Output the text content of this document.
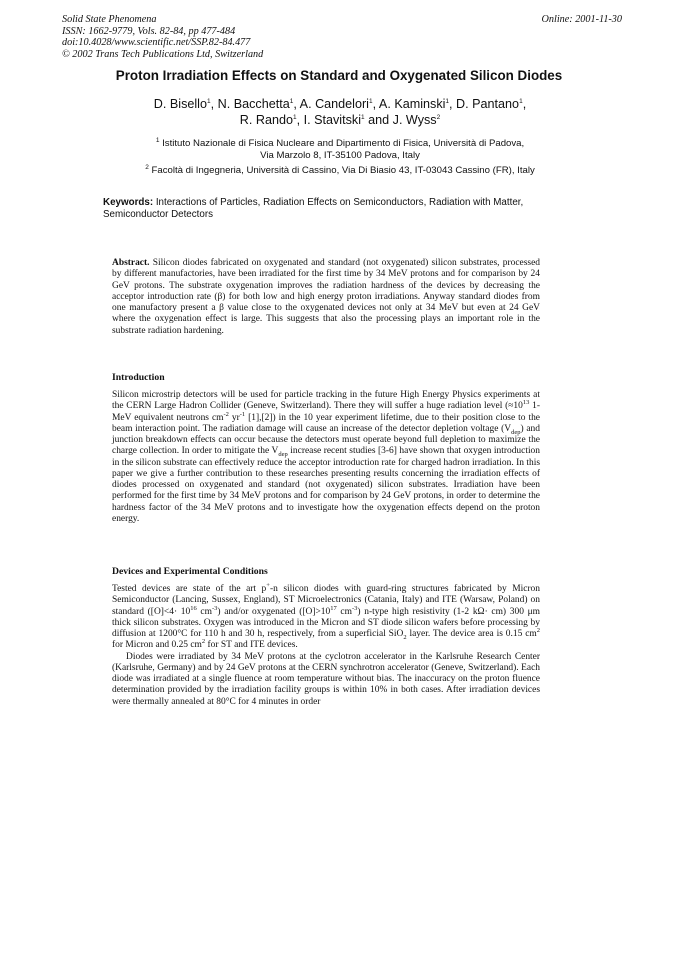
Solid State Phenomena
ISSN: 1662-9779, Vols. 82-84, pp 477-484
doi:10.4028/www.scientific.net/SSP.82-84.477
© 2002 Trans Tech Publications Ltd, Switzerland
Online: 2001-11-30
Proton Irradiation Effects on Standard and Oxygenated Silicon Diodes
D. Bisello$^1$, N. Bacchetta$^1$, A. Candelori$^1$, A. Kaminski$^1$, D. Pantano$^1$,
R. Rando$^1$, I. Stavitski$^1$ and J. Wyss$^2$
$^1$ Istituto Nazionale di Fisica Nucleare and Dipartimento di Fisica, Università di Padova,
Via Marzolo 8, IT-35100 Padova, Italy
$^2$ Facoltà di Ingegneria, Università di Cassino, Via Di Biasio 43, IT-03043 Cassino (FR), Italy
Keywords: Interactions of Particles, Radiation Effects on Semiconductors, Radiation with Matter, Semiconductor Detectors

Abstract. Silicon diodes fabricated on oxygenated and standard (not oxygenated) silicon substrates, processed by different manufactories, have been irradiated for the first time by 34 MeV protons and for comparison by 24 GeV protons. The substrate oxygenation improves the radiation hardness of the devices by decreasing the acceptor introduction rate (β) for both low and high energy proton irradiations. Anyway standard diodes from one manufactory present a β value close to the oxygenated devices not only at 34 MeV but even at 24 GeV where the oxygenation effect is large. This suggests that also the processing plays an important role in the substrate radiation hardening.

Introduction

Silicon microstrip detectors will be used for particle tracking in the future High Energy Physics experiments at the CERN Large Hadron Collider (Geneve, Switzerland). There they will suffer a huge radiation level ($\approx 10^{13}$ 1-MeV equivalent neutrons $cm^{-2}$ $yr^{-1}$ [1],[2]) in the 10 year experiment lifetime, due to their position close to the beam interaction point. The radiation damage will cause an increase of the detector depletion voltage $(V_{dep})$ and junction breakdown effects can occur because the detectors must operate beyond full depletion to maximize the charge collection. In order to mitigate the $V_{dep}$ increase recent studies [3-6] have shown that oxygen introduction in the silicon substrate can effectively reduce the acceptor introduction rate for charged hadron irradiation. In this paper we give a further contribution to these researches presenting results concerning the irradiation effects of diodes processed on oxygenated and standard (not oxygenated) silicon substrates. Irradiation have been performed for the first time by 34 MeV protons and for comparison by 24 GeV protons, in order to determine the hardness factor of the 34 MeV protons and to investigate how the oxygenation effects depend on the proton energy.

Devices and Experimental Conditions

Tested devices are state of the art p+-n silicon diodes with guard-ring structures fabricated by Micron Semiconductor (Lancing, Sussex, England), ST Microelectronics (Catania, Italy) and ITE (Warsaw, Poland) on standard ($[O]<4\cdot 10^{16}$ $cm^{-3}$) and/or oxygenated ($[O]>10^{17}$ $cm^{-3}$) n-type high resistivity (1-2 kΩ· cm) 300 μm thick silicon substrates. Oxygen was introduced in the Micron and ST diode silicon wafers before processing by diffusion at 1200°C for 110 h and 30 h, respectively, from a superficial SiO$_2$ layer. The device area is 0.15 $cm^2$ for Micron and 0.25 $cm^2$ for ST and ITE devices.

Diodes were irradiated by 34 MeV protons at the cyclotron accelerator in the Karlsruhe Research Center (Karlsruhe, Germany) and by 24 GeV protons at the CERN synchrotron accelerator (Geneve, Switzerland). Each diode was irradiated at a single fluence at room temperature without bias. The inaccuracy on the proton fluence determination provided by the irradiation facility groups is within 10% in both cases. After irradiation devices were thermally annealed at 80°C for 4 minutes in order
